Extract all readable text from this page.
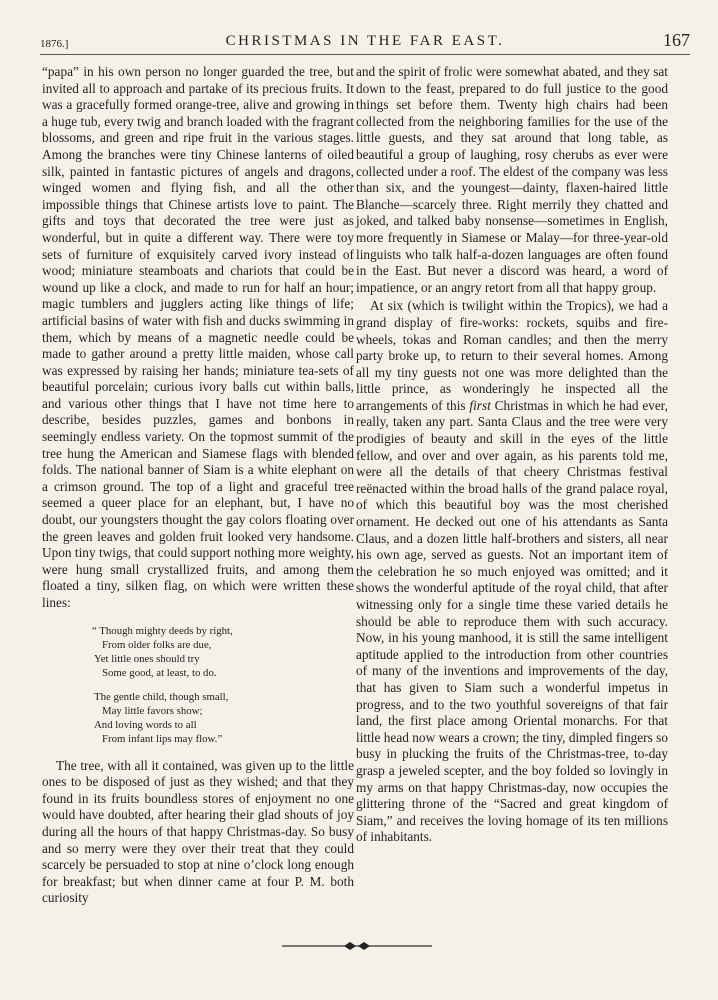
1876.]	CHRISTMAS IN THE FAR EAST.	167

“papa” in his own person no longer guarded the tree, but invited all to approach and partake of its precious fruits. It was a gracefully formed orange-tree, alive and growing in a huge tub, every twig and branch loaded with the fragrant blossoms, and green and ripe fruit in the various stages. Among the branches were tiny Chinese lanterns of oiled silk, painted in fantastic pictures of angels and dragons, winged women and flying fish, and all the other impossible things that Chinese artists love to paint. The gifts and toys that decorated the tree were just as wonderful, but in quite a different way. There were toy sets of furniture of exquisitely carved ivory instead of wood; miniature steamboats and chariots that could be wound up like a clock, and made to run for half an hour; magic tumblers and jugglers acting like things of life; artificial basins of water with fish and ducks swimming in them, which by means of a magnetic needle could be made to gather around a pretty little maiden, whose call was expressed by raising her hands; miniature tea-sets of beautiful porcelain; curious ivory balls cut within balls, and various other things that I have not time here to describe, besides puzzles, games and bonbons in seemingly endless variety. On the topmost summit of the tree hung the American and Siamese flags with blended folds. The national banner of Siam is a white elephant on a crimson ground. The top of a light and graceful tree seemed a queer place for an elephant, but, I have no doubt, our youngsters thought the gay colors floating over the green leaves and golden fruit looked very handsome. Upon tiny twigs, that could support nothing more weighty, were hung small crystallized fruits, and among them floated a tiny, silken flag, on which were written these lines:

“ Though mighty deeds by right,
From older folks are due,
Yet little ones should try
Some good, at least, to do.
The gentle child, though small,
May little favors show;
And loving words to all
From infant lips may flow.”

The tree, with all it contained, was given up to the little ones to be disposed of just as they wished; and that they found in its fruits boundless stores of enjoyment no one would have doubted, after hearing their glad shouts of joy during all the hours of that happy Christmas-day. So busy and so merry were they over their treat that they could scarcely be persuaded to stop at nine o’clock long enough for breakfast; but when dinner came at four P. M. both curiosity

and the spirit of frolic were somewhat abated, and they sat down to the feast, prepared to do full justice to the good things set before them. Twenty high chairs had been collected from the neighboring families for the use of the little guests, and they sat around that long table, as beautiful a group of laughing, rosy cherubs as ever were collected under a roof. The eldest of the company was less than six, and the youngest—dainty, flaxen-haired little Blanche—scarcely three. Right merrily they chatted and joked, and talked baby nonsense—sometimes in English, more frequently in Siamese or Malay—for three-year-old linguists who talk half-a-dozen languages are often found in the East. But never a discord was heard, a word of impatience, or an angry retort from all that happy group.

At six (which is twilight within the Tropics), we had a grand display of fire-works: rockets, squibs and fire-wheels, tokas and Roman candles; and then the merry party broke up, to return to their several homes. Among all my tiny guests not one was more delighted than the little prince, as wonderingly he inspected all the arrangements of this first Christmas in which he had ever, really, taken any part. Santa Claus and the tree were very prodigies of beauty and skill in the eyes of the little fellow, and over and over again, as his parents told me, were all the details of that cheery Christmas festival reënacted within the broad halls of the grand palace royal, of which this beautiful boy was the most cherished ornament. He decked out one of his attendants as Santa Claus, and a dozen little half-brothers and sisters, all near his own age, served as guests. Not an important item of the celebration he so much enjoyed was omitted; and it shows the wonderful aptitude of the royal child, that after witnessing only for a single time these varied details he should be able to reproduce them with such accuracy. Now, in his young manhood, it is still the same intelligent aptitude applied to the introduction from other countries of many of the inventions and improvements of the day, that has given to Siam such a wonderful impetus in progress, and to the two youthful sovereigns of that fair land, the first place among Oriental monarchs. For that little head now wears a crown; the tiny, dimpled fingers so busy in plucking the fruits of the Christmas-tree, to-day grasp a jeweled scepter, and the boy folded so lovingly in my arms on that happy Christmas-day, now occupies the glittering throne of the “Sacred and great kingdom of Siam,” and receives the loving homage of its ten millions of inhabitants.
